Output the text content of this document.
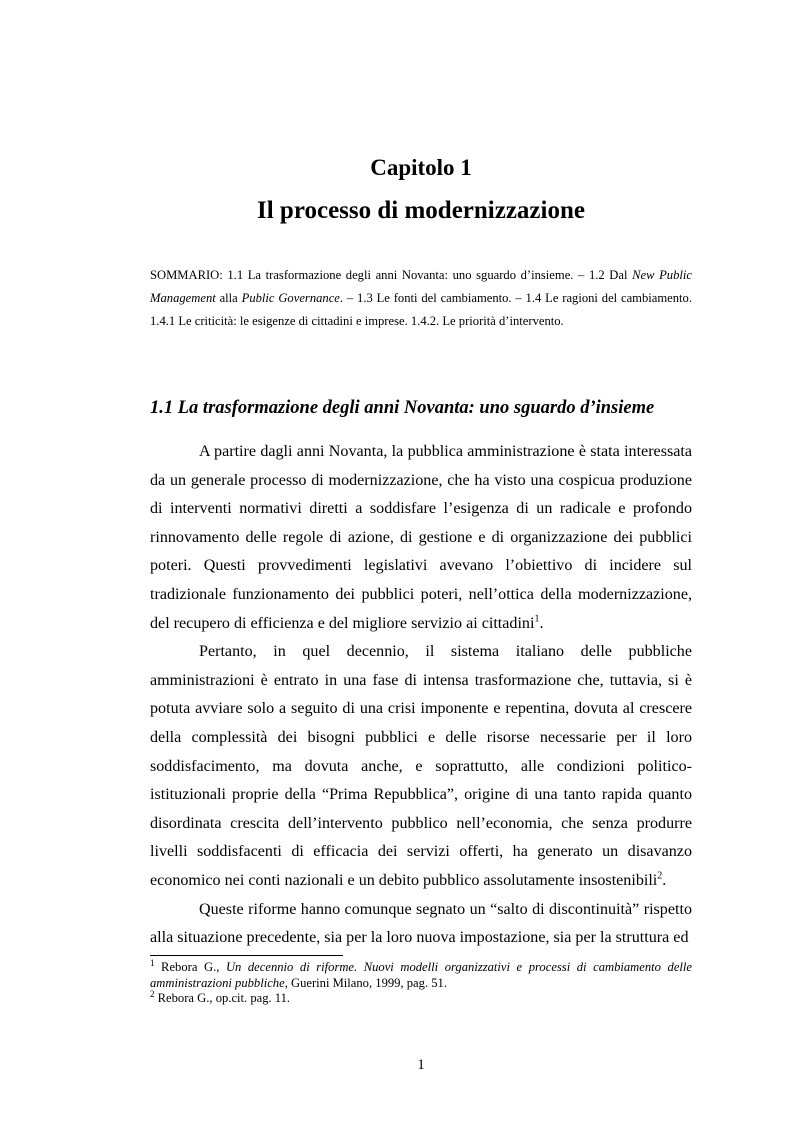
Capitolo 1
Il processo di modernizzazione
SOMMARIO: 1.1 La trasformazione degli anni Novanta: uno sguardo d’insieme. – 1.2 Dal New Public Management alla Public Governance. – 1.3 Le fonti del cambiamento. – 1.4 Le ragioni del cambiamento. 1.4.1 Le criticità: le esigenze di cittadini e imprese. 1.4.2. Le priorità d’intervento.
1.1 La trasformazione degli anni Novanta: uno sguardo d’insieme

A partire dagli anni Novanta, la pubblica amministrazione è stata interessata da un generale processo di modernizzazione, che ha visto una cospicua produzione di interventi normativi diretti a soddisfare l’esigenza di un radicale e profondo rinnovamento delle regole di azione, di gestione e di organizzazione dei pubblici poteri. Questi provvedimenti legislativi avevano l’obiettivo di incidere sul tradizionale funzionamento dei pubblici poteri, nell’ottica della modernizzazione, del recupero di efficienza e del migliore servizio ai cittadini$^1$.

Pertanto, in quel decennio, il sistema italiano delle pubbliche amministrazioni è entrato in una fase di intensa trasformazione che, tuttavia, si è potuta avviare solo a seguito di una crisi imponente e repentina, dovuta al crescere della complessità dei bisogni pubblici e delle risorse necessarie per il loro soddisfacimento, ma dovuta anche, e soprattutto, alle condizioni politico-istituzionali proprie della “Prima Repubblica”, origine di una tanto rapida quanto disordinata crescita dell’intervento pubblico nell’economia, che senza produrre livelli soddisfacenti di efficacia dei servizi offerti, ha generato un disavanzo economico nei conti nazionali e un debito pubblico assolutamente insostenibili$^2$.

Queste riforme hanno comunque segnato un “salto di discontinuità” rispetto alla situazione precedente, sia per la loro nuova impostazione, sia per la struttura ed

$^1$ Rebora G., Un decennio di riforme. Nuovi modelli organizzativi e processi di cambiamento delle amministrazioni pubbliche, Guerini Milano, 1999, pag. 51.

$^2$ Rebora G., op.cit. pag. 11.

1
